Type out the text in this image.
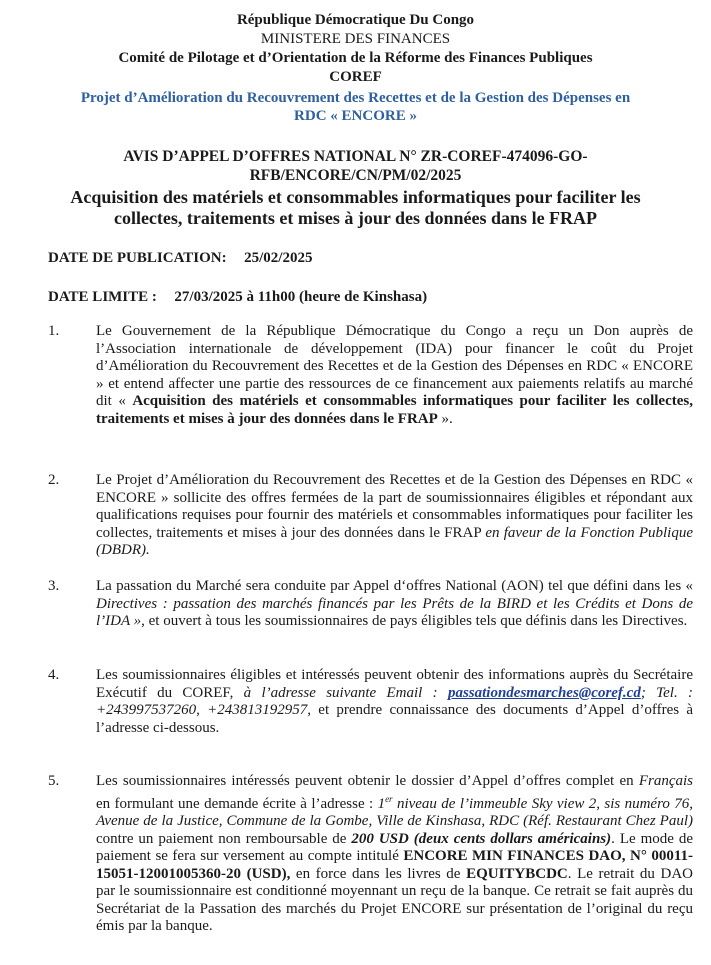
République Démocratique Du Congo
MINISTERE DES FINANCES
Comité de Pilotage et d’Orientation de la Réforme des Finances Publiques
COREF
Projet d’Amélioration du Recouvrement des Recettes et de la Gestion des Dépenses en
RDC « ENCORE »
AVIS D’APPEL D’OFFRES NATIONAL N° ZR-COREF-474096-GO-
RFB/ENCORE/CN/PM/02/2025
Acquisition des matériels et consommables informatiques pour faciliter les
collectes, traitements et mises à jour des données dans le FRAP
DATE DE PUBLICATION: 25/02/2025
DATE LIMITE : 27/03/2025 à 11h00 (heure de Kinshasa)
1.	Le Gouvernement de la République Démocratique du Congo a reçu un Don auprès de l’Association internationale de développement (IDA) pour financer le coût du Projet d’Amélioration du Recouvrement des Recettes et de la Gestion des Dépenses en RDC « ENCORE » et entend affecter une partie des ressources de ce financement aux paiements relatifs au marché dit « Acquisition des matériels et consommables informatiques pour faciliter les collectes, traitements et mises à jour des données dans le FRAP ».
2.	Le Projet d’Amélioration du Recouvrement des Recettes et de la Gestion des Dépenses en RDC « ENCORE » sollicite des offres fermées de la part de soumissionnaires éligibles et répondant aux qualifications requises pour fournir des matériels et consommables informatiques pour faciliter les collectes, traitements et mises à jour des données dans le FRAP en faveur de la Fonction Publique (DBDR).
3.	La passation du Marché sera conduite par Appel d‘offres National (AON) tel que défini dans les « Directives : passation des marchés financés par les Prêts de la BIRD et les Crédits et Dons de l’IDA », et ouvert à tous les soumissionnaires de pays éligibles tels que définis dans les Directives.
4.	Les soumissionnaires éligibles et intéressés peuvent obtenir des informations auprès du Secrétaire Exécutif du COREF, à l’adresse suivante Email : passationdesmarches@coref.cd; Tel. : +243997537260, +243813192957, et prendre connaissance des documents d’Appel d’offres à l’adresse ci-dessous.
5.	Les soumissionnaires intéressés peuvent obtenir le dossier d’Appel d’offres complet en Français en formulant une demande écrite à l’adresse : 1er niveau de l’immeuble Sky view 2, sis numéro 76, Avenue de la Justice, Commune de la Gombe, Ville de Kinshasa, RDC (Réf. Restaurant Chez Paul) contre un paiement non remboursable de 200 USD (deux cents dollars américains). Le mode de paiement se fera sur versement au compte intitulé ENCORE MIN FINANCES DAO, N° 00011-15051-12001005360-20 (USD), en force dans les livres de EQUITYBCDC. Le retrait du DAO par le soumissionnaire est conditionné moyennant un reçu de la banque. Ce retrait se fait auprès du Secrétariat de la Passation des marchés du Projet ENCORE sur présentation de l’original du reçu émis par la banque.
